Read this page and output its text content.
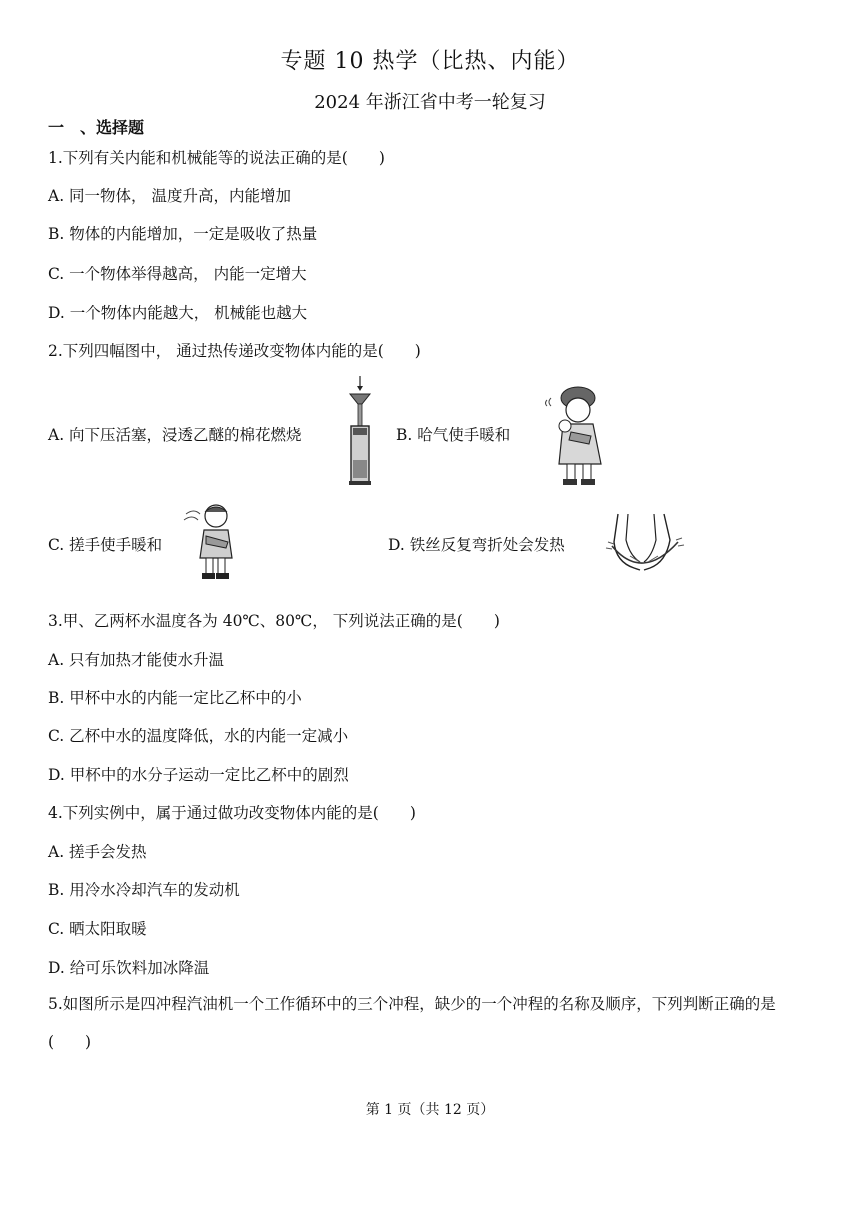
专题 10 热学（比热、内能）
2024 年浙江省中考一轮复习
一　、选择题
1.下列有关内能和机械能等的说法正确的是(　　)
A. 同一物体， 温度升高，内能增加
B. 物体的内能增加，一定是吸收了热量
C. 一个物体举得越高， 内能一定增大
D. 一个物体内能越大， 机械能也越大
2.下列四幅图中， 通过热传递改变物体内能的是(　　)
A. 向下压活塞，浸透乙醚的棉花燃烧	B. 哈气使手暖和
C. 搓手使手暖和	D. 铁丝反复弯折处会发热
3.甲、乙两杯水温度各为 40℃、80℃， 下列说法正确的是(　　)
A. 只有加热才能使水升温
B. 甲杯中水的内能一定比乙杯中的小
C. 乙杯中水的温度降低，水的内能一定减小
D. 甲杯中的水分子运动一定比乙杯中的剧烈
4.下列实例中，属于通过做功改变物体内能的是(　　)
A. 搓手会发热
B. 用冷水冷却汽车的发动机
C. 晒太阳取暖
D. 给可乐饮料加冰降温
5.如图所示是四冲程汽油机一个工作循环中的三个冲程，缺少的一个冲程的名称及顺序，下列判断正确的是(　　)
第 1 页（共 12 页）
